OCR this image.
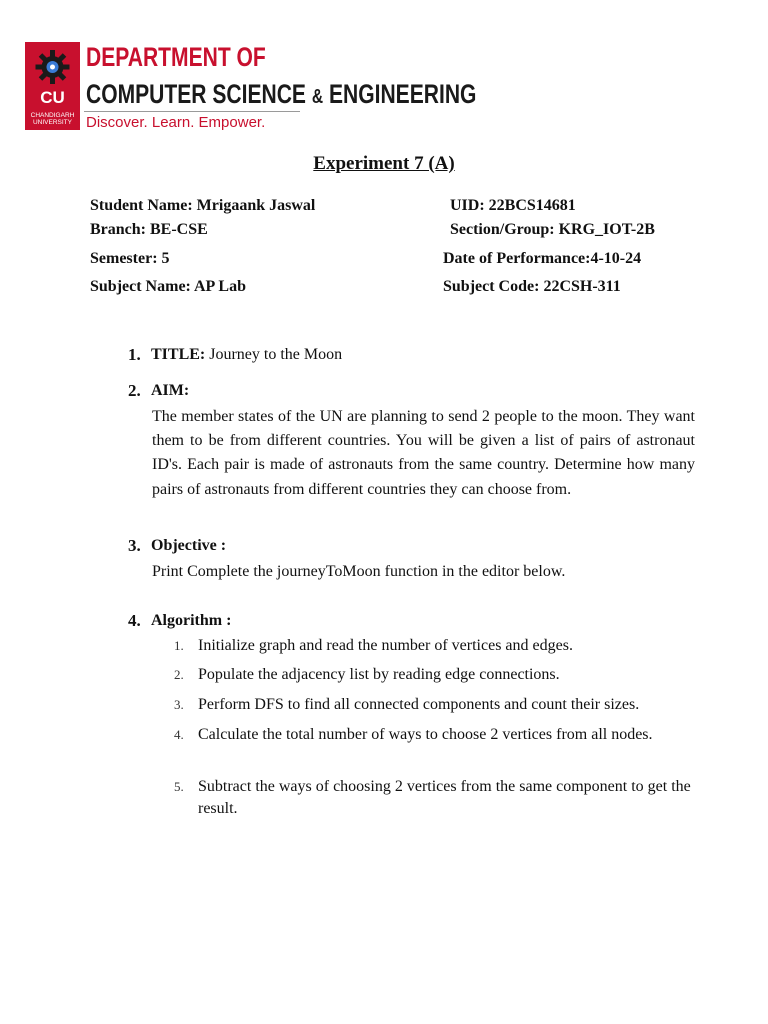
CU
CHANDIGARH UNIVERSITY
DEPARTMENT OF
COMPUTER SCIENCE & ENGINEERING
Discover. Learn. Empower.
Experiment 7 (A)
Student Name: Mrigaank Jaswal	UID: 22BCS14681
Branch: BE-CSE	Section/Group: KRG_IOT-2B
Semester: 5	Date of Performance:4-10-24
Subject Name: AP Lab	Subject Code: 22CSH-311
1. TITLE: Journey to the Moon
2. AIM:
The member states of the UN are planning to send 2 people to the moon. They want them to be from different countries. You will be given a list of pairs of astronaut ID's. Each pair is made of astronauts from the same country. Determine how many pairs of astronauts from different countries they can choose from.
3. Objective :
Print Complete the journeyToMoon function in the editor below.
4. Algorithm :
1. Initialize graph and read the number of vertices and edges.
2. Populate the adjacency list by reading edge connections.
3. Perform DFS to find all connected components and count their sizes.
4. Calculate the total number of ways to choose 2 vertices from all nodes.
5. Subtract the ways of choosing 2 vertices from the same component to get the result.
